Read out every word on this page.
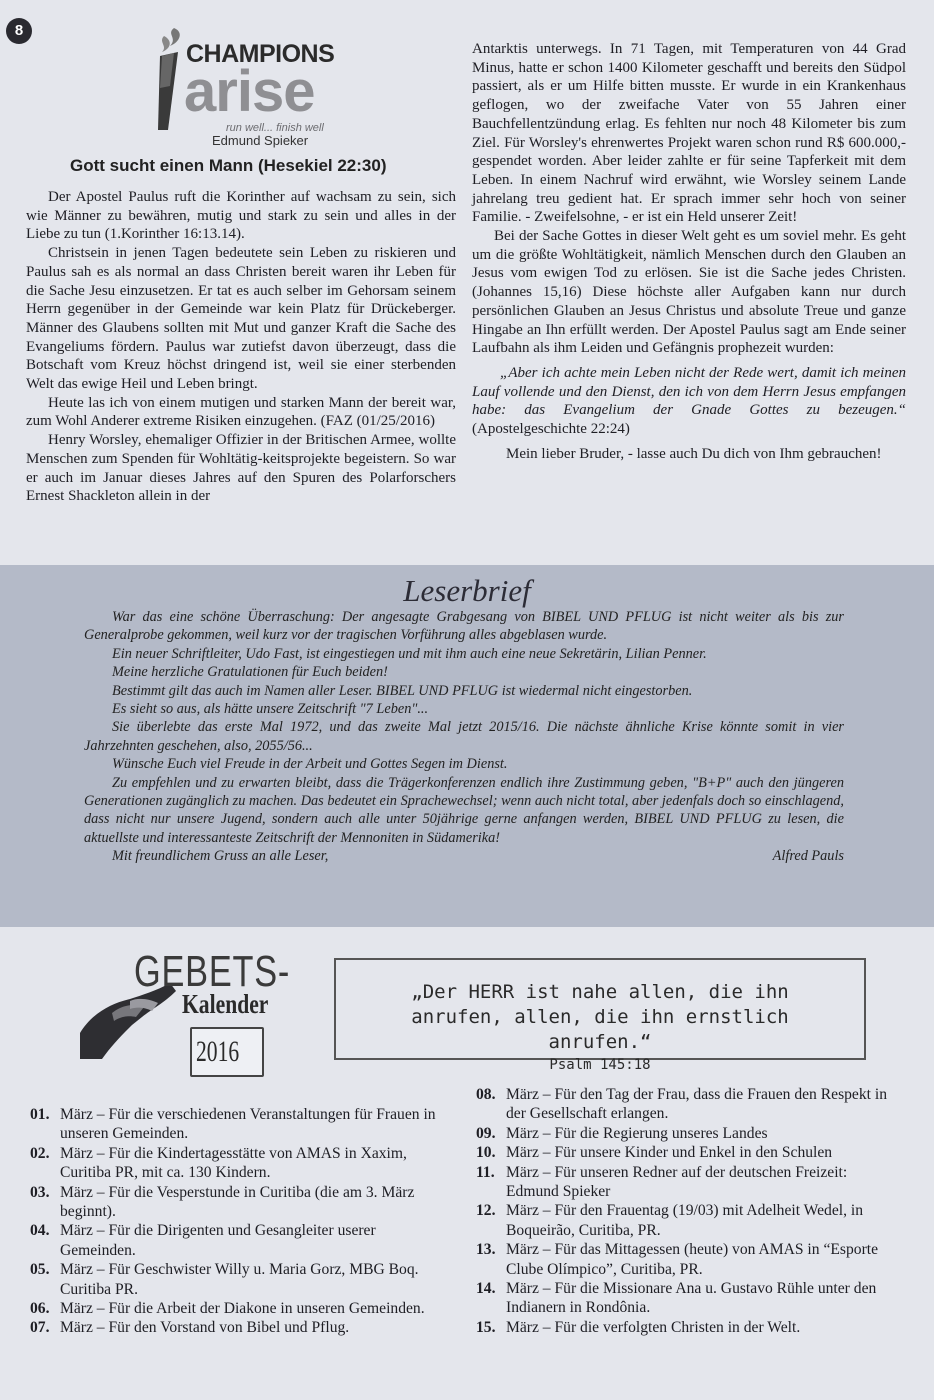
8
CHAMPIONS
arise
run well... finish well
Edmund Spieker
Gott sucht einen Mann (Hesekiel 22:30)

Der Apostel Paulus ruft die Korinther auf wachsam zu sein, sich wie Männer zu bewähren, mutig und stark zu sein und alles in der Liebe zu tun (1.Korinther 16:13.14).

Christsein in jenen Tagen bedeutete sein Leben zu riskieren und Paulus sah es als normal an dass Christen bereit waren ihr Leben für die Sache Jesu einzusetzen. Er tat es auch selber im Gehorsam seinem Herrn gegenüber in der Gemeinde war kein Platz für Drückeberger. Männer des Glaubens sollten mit Mut und ganzer Kraft die Sache des Evangeliums fördern. Paulus war zutiefst davon überzeugt, dass die Botschaft vom Kreuz höchst dringend ist, weil sie einer sterbenden Welt das ewige Heil und Leben bringt.

Heute las ich von einem mutigen und starken Mann der bereit war, zum Wohl Anderer extreme Risiken einzugehen. (FAZ (01/25/2016)

Henry Worsley, ehemaliger Offizier in der Britischen Armee, wollte Menschen zum Spenden für Wohltätig-keitsprojekte begeistern. So war er auch im Januar dieses Jahres auf den Spuren des Polarforschers Ernest Shackleton allein in der

Antarktis unterwegs. In 71 Tagen, mit Temperaturen von 44 Grad Minus, hatte er schon 1400 Kilometer geschafft und bereits den Südpol passiert, als er um Hilfe bitten musste. Er wurde in ein Krankenhaus geflogen, wo der zweifache Vater von 55 Jahren einer Bauchfellentzündung erlag. Es fehlten nur noch 48 Kilometer bis zum Ziel. Für Worsley's ehrenwertes Projekt waren schon rund R$ 600.000,- gespendet worden. Aber leider zahlte er für seine Tapferkeit mit dem Leben. In einem Nachruf wird erwähnt, wie Worsley seinem Lande jahrelang treu gedient hat. Er sprach immer sehr hoch von seiner Familie. - Zweifelsohne, - er ist ein Held unserer Zeit!

Bei der Sache Gottes in dieser Welt geht es um soviel mehr. Es geht um die größte Wohltätigkeit, nämlich Menschen durch den Glauben an Jesus vom ewigen Tod zu erlösen. Sie ist die Sache jedes Christen. (Johannes 15,16) Diese höchste aller Aufgaben kann nur durch persönlichen Glauben an Jesus Christus und absolute Treue und ganze Hingabe an Ihn erfüllt werden. Der Apostel Paulus sagt am Ende seiner Laufbahn als ihm Leiden und Gefängnis prophezeit wurden:

„Aber ich achte mein Leben nicht der Rede wert, damit ich meinen Lauf vollende und den Dienst, den ich von dem Herrn Jesus empfangen habe: das Evangelium der Gnade Gottes zu bezeugen.“ (Apostelgeschichte 22:24)

Mein lieber Bruder, - lasse auch Du dich von Ihm gebrauchen!

Leserbrief

War das eine schöne Überraschung: Der angesagte Grabgesang von BIBEL UND PFLUG ist nicht weiter als bis zur Generalprobe gekommen, weil kurz vor der tragischen Vorführung alles abgeblasen wurde.

Ein neuer Schriftleiter, Udo Fast, ist eingestiegen und mit ihm auch eine neue Sekretärin, Lilian Penner.

Meine herzliche Gratulationen für Euch beiden!

Bestimmt gilt das auch im Namen aller Leser. BIBEL UND PFLUG ist wiedermal nicht eingestorben.

Es sieht so aus, als hätte unsere Zeitschrift "7 Leben"...

Sie überlebte das erste Mal 1972, und das zweite Mal jetzt 2015/16. Die nächste ähnliche Krise könnte somit in vier Jahrzehnten geschehen, also, 2055/56...

Wünsche Euch viel Freude in der Arbeit und Gottes Segen im Dienst.

Zu empfehlen und zu erwarten bleibt, dass die Trägerkonferenzen endlich ihre Zustimmung geben, "B+P" auch den jüngeren Generationen zugänglich zu machen. Das bedeutet ein Sprachewechsel; wenn auch nicht total, aber jedenfals doch so einschlagend, dass nicht nur unsere Jugend, sondern auch alle unter 50jährige gerne anfangen werden, BIBEL UND PFLUG zu lesen, die aktuellste und interessanteste Zeitschrift der Mennoniten in Südamerika!

Mit freundlichem Gruss an alle Leser,	Alfred Pauls
GEBETS-
Kalender
2016
„Der HERR ist nahe allen, die ihn anrufen, allen, die ihn ernstlich anrufen.“
Psalm 145:18
01. März – Für die verschiedenen Veranstaltungen für Frauen in unseren Gemeinden.
02. März – Für die Kindertagesstätte von AMAS in Xaxim, Curitiba PR, mit ca. 130 Kindern.
03. März – Für die Vesperstunde in Curitiba (die am 3. März beginnt).
04. März – Für die Dirigenten und Gesangleiter userer Gemeinden.
05. März – Für Geschwister Willy u. Maria Gorz, MBG Boq. Curitiba PR.
06. März – Für die Arbeit der Diakone in unseren Gemeinden.
07. März – Für den Vorstand von Bibel und Pflug.
08. März – Für den Tag der Frau, dass die Frauen den Respekt in der Gesellschaft erlangen.
09. März – Für die Regierung unseres Landes
10. März – Für unsere Kinder und Enkel in den Schulen
11. März – Für unseren Redner auf der deutschen Freizeit: Edmund Spieker
12. März – Für den Frauentag (19/03) mit Adelheit Wedel, in Boqueirão, Curitiba, PR.
13. März – Für das Mittagessen (heute) von AMAS in “Esporte Clube Olímpico”, Curitiba, PR.
14. März – Für die Missionare Ana u. Gustavo Rühle unter den Indianern in Rondônia.
15. März – Für die verfolgten Christen in der Welt.
